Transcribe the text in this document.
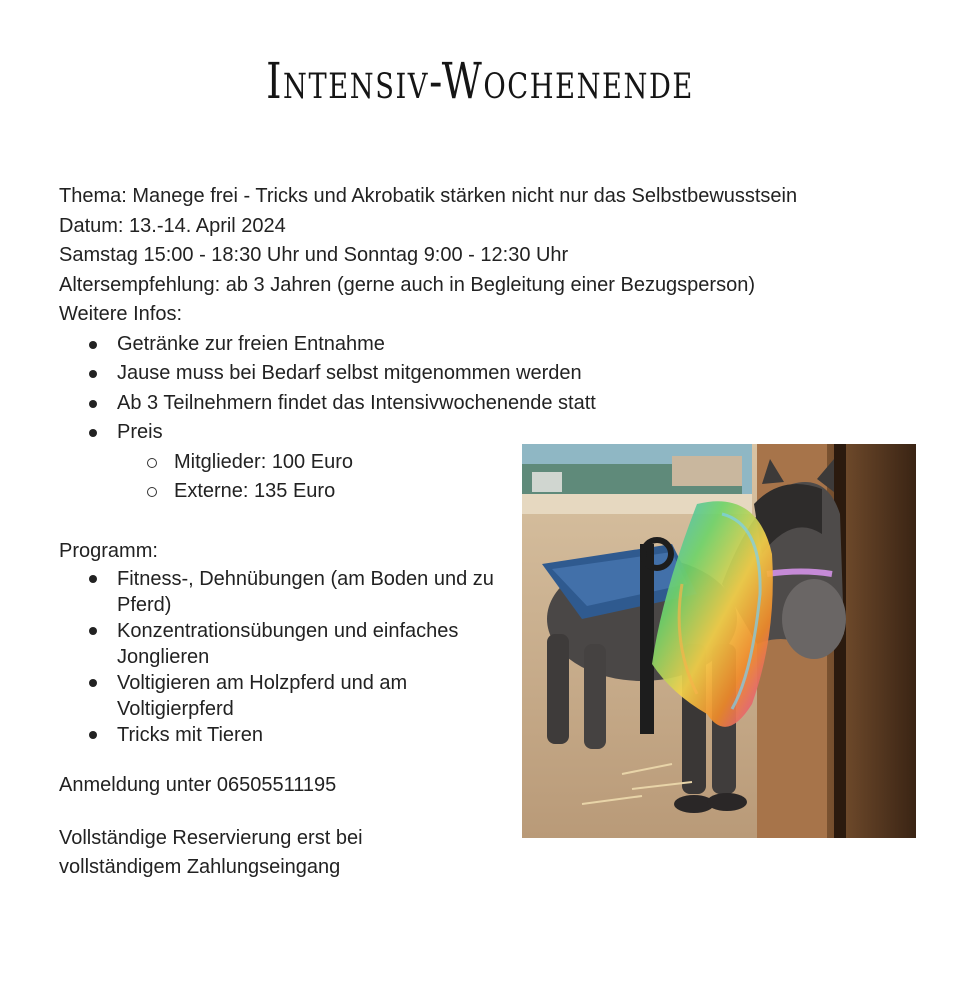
Intensiv-Wochenende
Thema: Manege frei - Tricks und Akrobatik stärken nicht nur das Selbstbewusstsein
Datum: 13.-14. April 2024
Samstag 15:00 - 18:30 Uhr und Sonntag 9:00 - 12:30 Uhr
Altersempfehlung: ab 3 Jahren (gerne auch in Begleitung einer Bezugsperson)
Weitere Infos:
Getränke zur freien Entnahme
Jause muss bei Bedarf selbst mitgenommen werden
Ab 3 Teilnehmern findet das Intensivwochenende statt
Preis
Mitglieder: 100 Euro
Externe: 135 Euro
Programm:
Fitness-, Dehnübungen (am Boden und zu Pferd)
Konzentrationsübungen und einfaches Jonglieren
Voltigieren am Holzpferd und am Voltigierpferd
Tricks mit Tieren
Anmeldung unter 06505511195
Vollständige Reservierung erst bei vollständigem Zahlungseingang
